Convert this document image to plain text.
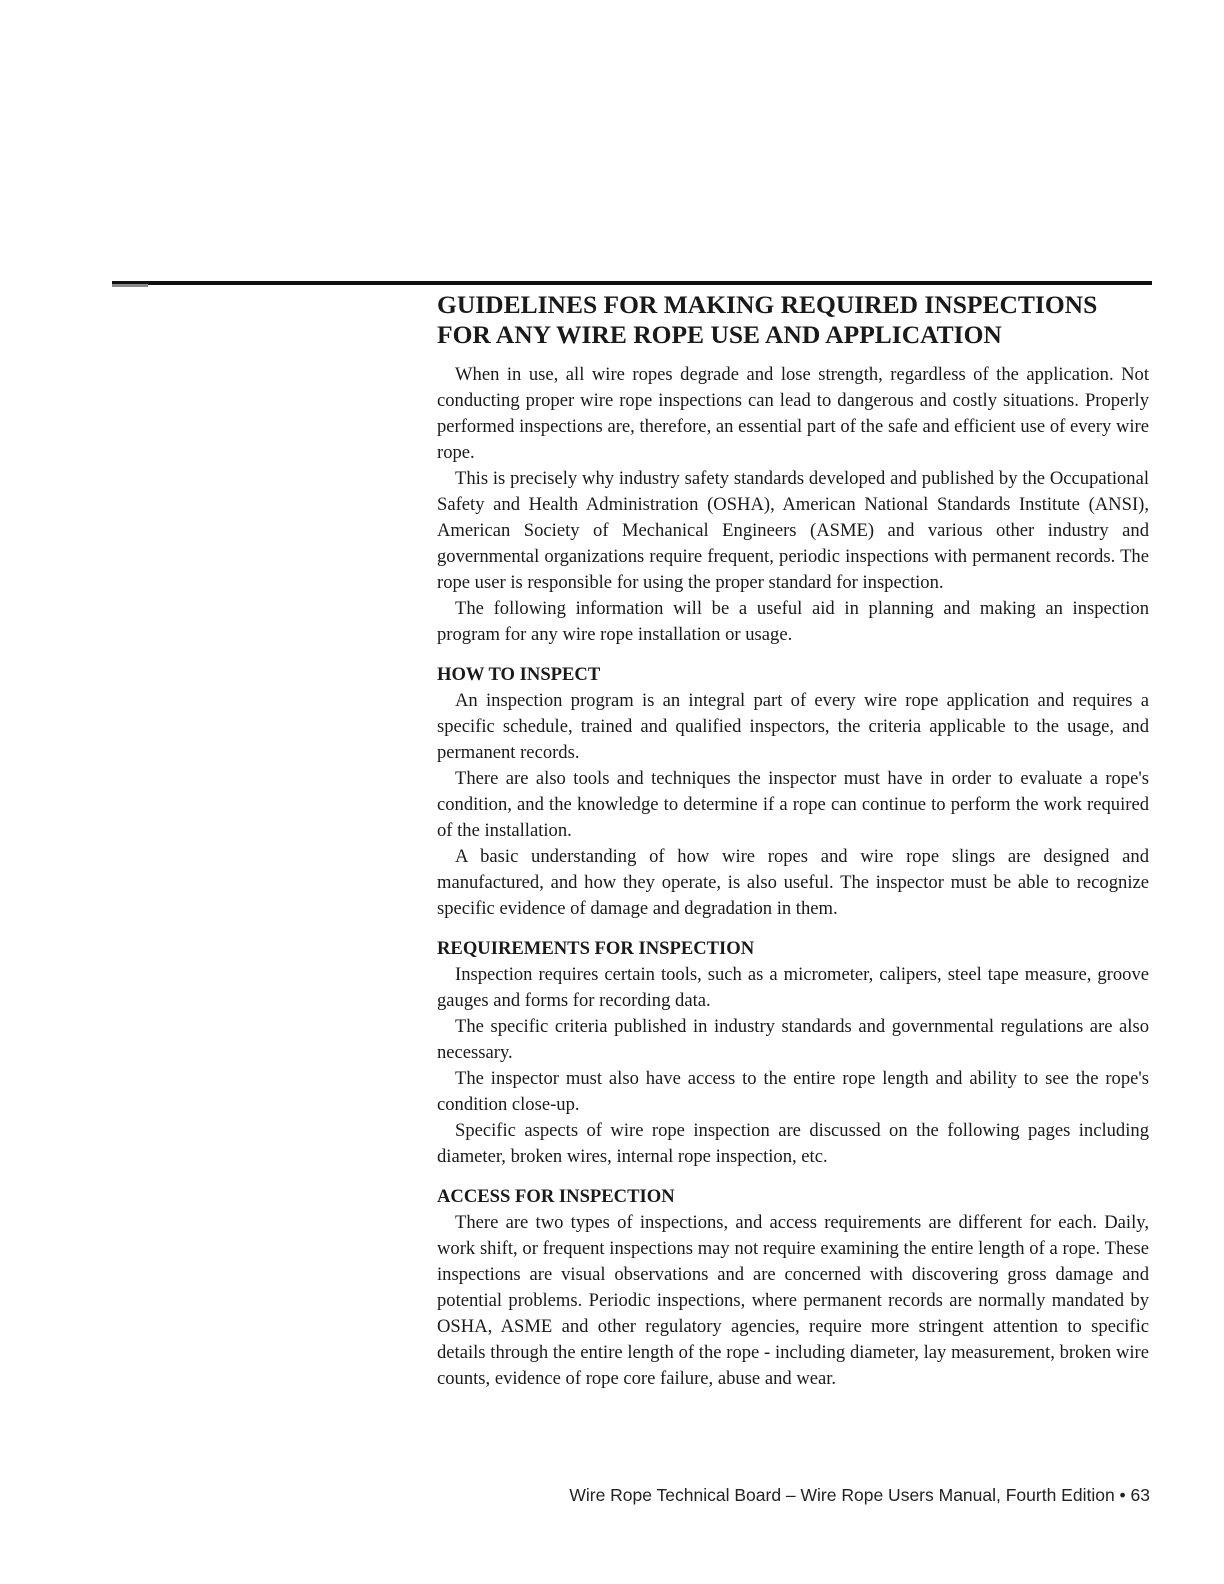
GUIDELINES FOR MAKING REQUIRED INSPECTIONS
FOR ANY WIRE ROPE USE AND APPLICATION

When in use, all wire ropes degrade and lose strength, regardless of the application. Not conducting proper wire rope inspections can lead to dangerous and costly situations. Properly performed inspections are, therefore, an essential part of the safe and efficient use of every wire rope.

This is precisely why industry safety standards developed and published by the Occupational Safety and Health Administration (OSHA), American National Standards Institute (ANSI), American Society of Mechanical Engineers (ASME) and various other industry and governmental organizations require frequent, periodic inspections with permanent records. The rope user is responsible for using the proper standard for inspection.

The following information will be a useful aid in planning and making an inspection program for any wire rope installation or usage.

HOW TO INSPECT

An inspection program is an integral part of every wire rope application and requires a specific schedule, trained and qualified inspectors, the criteria applicable to the usage, and permanent records.

There are also tools and techniques the inspector must have in order to evaluate a rope's condition, and the knowledge to determine if a rope can continue to perform the work required of the installation.

A basic understanding of how wire ropes and wire rope slings are designed and manufactured, and how they operate, is also useful. The inspector must be able to recognize specific evidence of damage and degradation in them.

REQUIREMENTS FOR INSPECTION

Inspection requires certain tools, such as a micrometer, calipers, steel tape measure, groove gauges and forms for recording data.

The specific criteria published in industry standards and governmental regulations are also necessary.

The inspector must also have access to the entire rope length and ability to see the rope's condition close-up.

Specific aspects of wire rope inspection are discussed on the following pages including diameter, broken wires, internal rope inspection, etc.

ACCESS FOR INSPECTION

There are two types of inspections, and access requirements are different for each. Daily, work shift, or frequent inspections may not require examining the entire length of a rope. These inspections are visual observations and are concerned with discovering gross damage and potential problems. Periodic inspections, where permanent records are normally mandated by OSHA, ASME and other regulatory agencies, require more stringent attention to specific details through the entire length of the rope - including diameter, lay measurement, broken wire counts, evidence of rope core failure, abuse and wear.

Wire Rope Technical Board – Wire Rope Users Manual, Fourth Edition • 63
